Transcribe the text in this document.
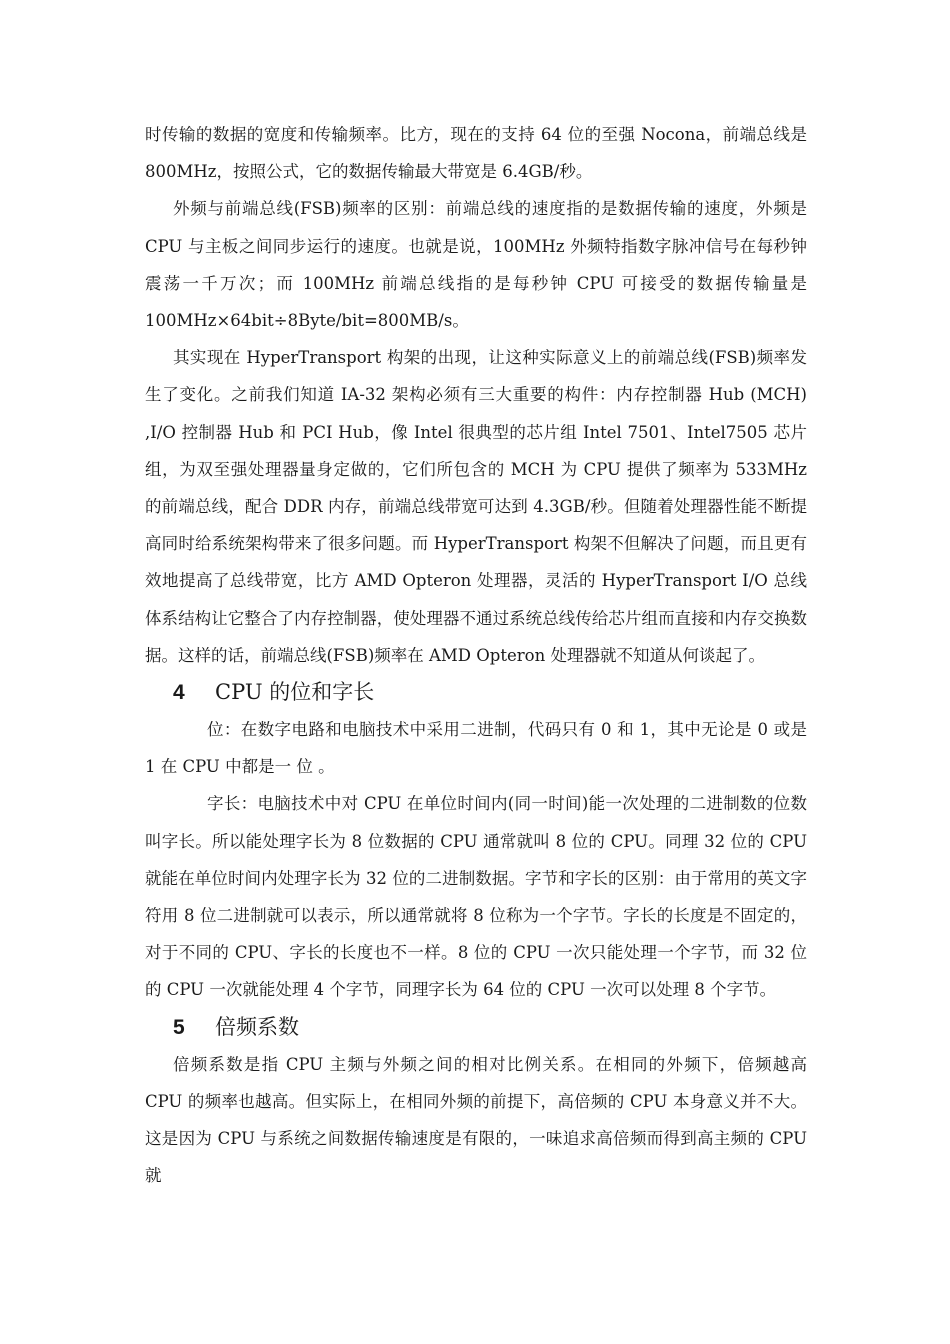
时传输的数据的宽度和传输频率。比方，现在的支持 64 位的至强 Nocona，前端总线是 800MHz，按照公式，它的数据传输最大带宽是 6.4GB/秒。

外频与前端总线(FSB)频率的区别：前端总线的速度指的是数据传输的速度，外频是 CPU 与主板之间同步运行的速度。也就是说，100MHz 外频特指数字脉冲信号在每秒钟震荡一千万次；而 100MHz 前端总线指的是每秒钟 CPU 可接受的数据传输量是 100MHz×64bit÷8Byte/bit=800MB/s。

其实现在 HyperTransport 构架的出现，让这种实际意义上的前端总线(FSB)频率发生了变化。之前我们知道 IA-32 架构必须有三大重要的构件：内存控制器 Hub (MCH) ,I/O 控制器 Hub 和 PCI Hub，像 Intel 很典型的芯片组 Intel 7501、Intel7505 芯片组，为双至强处理器量身定做的，它们所包含的 MCH 为 CPU 提供了频率为 533MHz 的前端总线，配合 DDR 内存，前端总线带宽可达到 4.3GB/秒。但随着处理器性能不断提高同时给系统架构带来了很多问题。而 HyperTransport 构架不但解决了问题，而且更有效地提高了总线带宽，比方 AMD Opteron 处理器，灵活的 HyperTransport I/O 总线体系结构让它整合了内存控制器，使处理器不通过系统总线传给芯片组而直接和内存交换数据。这样的话，前端总线(FSB)频率在 AMD Opteron 处理器就不知道从何谈起了。

4 CPU 的位和字长

位：在数字电路和电脑技术中采用二进制，代码只有 0 和 1，其中无论是 0 或是 1 在 CPU 中都是一 位 。

字长：电脑技术中对 CPU 在单位时间内(同一时间)能一次处理的二进制数的位数叫字长。所以能处理字长为 8 位数据的 CPU 通常就叫 8 位的 CPU。同理 32 位的 CPU 就能在单位时间内处理字长为 32 位的二进制数据。字节和字长的区别：由于常用的英文字符用 8 位二进制就可以表示，所以通常就将 8 位称为一个字节。字长的长度是不固定的，对于不同的 CPU、字长的长度也不一样。8 位的 CPU 一次只能处理一个字节，而 32 位的 CPU 一次就能处理 4 个字节，同理字长为 64 位的 CPU 一次可以处理 8 个字节。

5 倍频系数

倍频系数是指 CPU 主频与外频之间的相对比例关系。在相同的外频下，倍频越高 CPU 的频率也越高。但实际上，在相同外频的前提下，高倍频的 CPU 本身意义并不大。这是因为 CPU 与系统之间数据传输速度是有限的，一味追求高倍频而得到高主频的 CPU 就
